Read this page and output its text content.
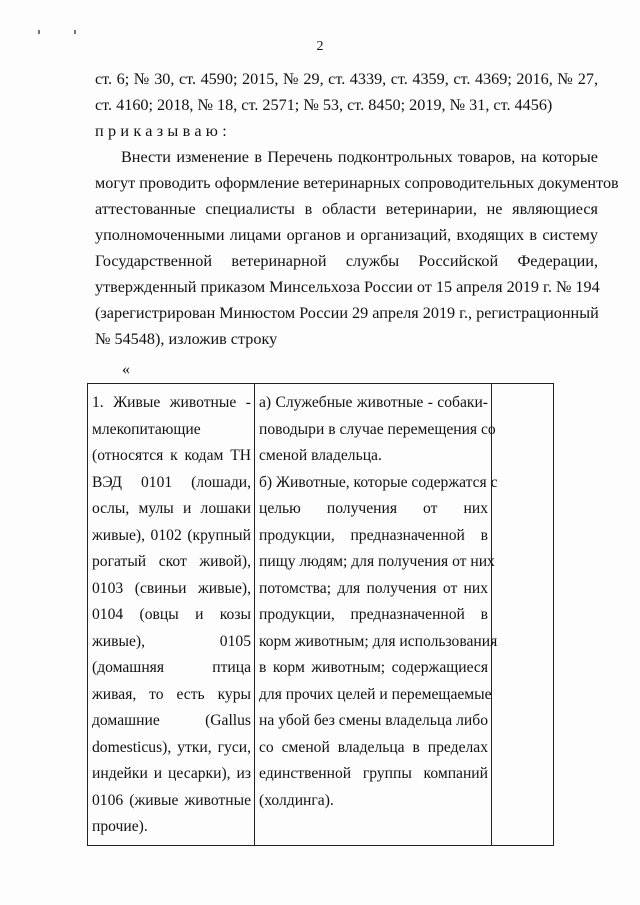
2
ст. 6; № 30, ст. 4590; 2015, № 29, ст. 4339, ст. 4359, ст. 4369; 2016, № 27,
ст. 4160; 2018, № 18, ст. 2571; № 53, ст. 8450; 2019, № 31, ст. 4456)
приказываю:
Внести изменение в Перечень подконтрольных товаров, на которые
могут проводить оформление ветеринарных сопроводительных документов
аттестованные специалисты в области ветеринарии, не являющиеся
уполномоченными лицами органов и организаций, входящих в систему
Государственной ветеринарной службы Российской Федерации,
утвержденный приказом Минсельхоза России от 15 апреля 2019 г. № 194
(зарегистрирован Минюстом России 29 апреля 2019 г., регистрационный
№ 54548), изложив строку
«
1. Живые животные -
млекопитающие
(относятся к кодам ТН
ВЭД 0101 (лошади,
ослы, мулы и лошаки
живые), 0102 (крупный
рогатый скот живой),
0103 (свиньи живые),
0104 (овцы и козы
живые), 0105
(домашняя птица
живая, то есть куры
домашние (Gallus
domesticus), утки, гуси,
индейки и цесарки), из
0106 (живые животные
прочие).

а) Служебные животные - собаки-
поводыри в случае перемещения со
сменой владельца.
б) Животные, которые содержатся с
целью получения от них
продукции, предназначенной в
пищу людям; для получения от них
потомства; для получения от них
продукции, предназначенной в
корм животным; для использования
в корм животным; содержащиеся
для прочих целей и перемещаемые
на убой без смены владельца либо
со сменой владельца в пределах
единственной группы компаний
(холдинга).
